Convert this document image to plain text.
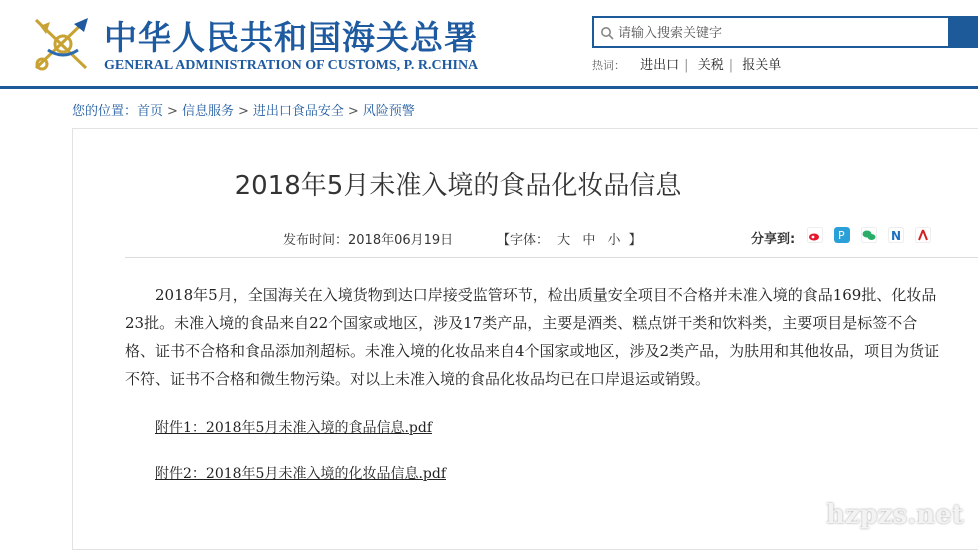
中华人民共和国海关总署
GENERAL ADMINISTRATION OF CUSTOMS, P. R.CHINA
请输入搜索关键字	热词： 进出口 | 关税 | 报关单
您的位置：首页 > 信息服务 > 进出口食品安全 > 风险预警
2018年5月未准入境的食品化妆品信息
发布时间：2018年06月19日	【字体： 大 中 小 】	分享到:	P	N
2018年5月，全国海关在入境货物到达口岸接受监管环节，检出质量安全项目不合格并未准入境的食品169批、化妆品23批。未准入境的食品来自22个国家或地区，涉及17类产品，主要是酒类、糕点饼干类和饮料类，主要项目是标签不合格、证书不合格和食品添加剂超标。未准入境的化妆品来自4个国家或地区，涉及2类产品，为肤用和其他妆品，项目为货证不符、证书不合格和微生物污染。对以上未准入境的食品化妆品均已在口岸退运或销毁。
附件1：2018年5月未准入境的食品信息.pdf
附件2：2018年5月未准入境的化妆品信息.pdf
hzpzs.net
